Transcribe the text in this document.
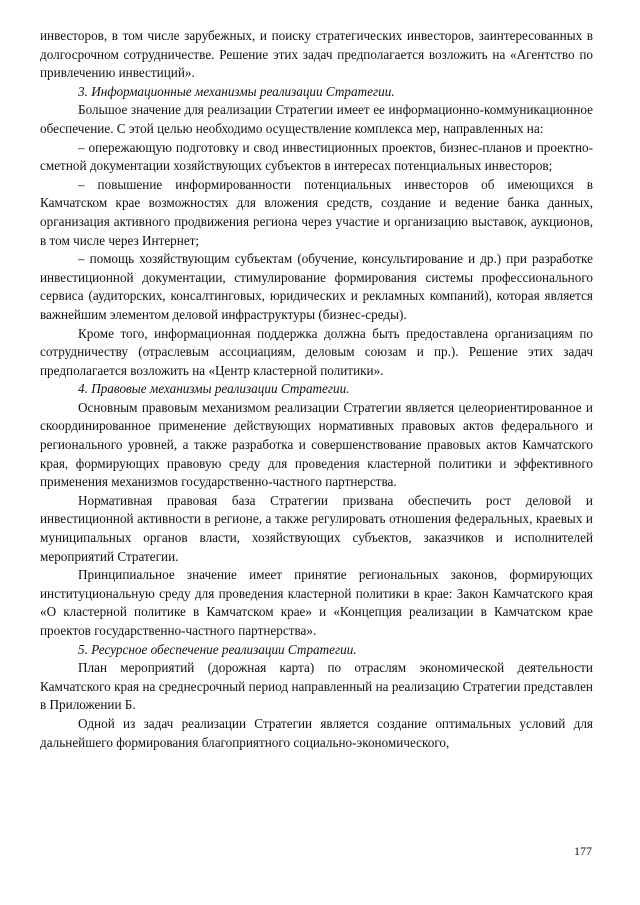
инвесторов, в том числе зарубежных, и поиску стратегических инвесторов, заинтересованных в долгосрочном сотрудничестве. Решение этих задач предполагается возложить на «Агентство по привлечению инвестиций».

3. Информационные механизмы реализации Стратегии.

Большое значение для реализации Стратегии имеет ее информационно-коммуникационное обеспечение. С этой целью необходимо осуществление комплекса мер, направленных на:

– опережающую подготовку и свод инвестиционных проектов, бизнес-планов и проектно-сметной документации хозяйствующих субъектов в интересах потенциальных инвесторов;

– повышение информированности потенциальных инвесторов об имеющихся в Камчатском крае возможностях для вложения средств, создание и ведение банка данных, организация активного продвижения региона через участие и организацию выставок, аукционов, в том числе через Интернет;

– помощь хозяйствующим субъектам (обучение, консультирование и др.) при разработке инвестиционной документации, стимулирование формирования системы профессионального сервиса (аудиторских, консалтинговых, юридических и рекламных компаний), которая является важнейшим элементом деловой инфраструктуры (бизнес-среды).

Кроме того, информационная поддержка должна быть предоставлена организациям по сотрудничеству (отраслевым ассоциациям, деловым союзам и пр.). Решение этих задач предполагается возложить на «Центр кластерной политики».

4. Правовые механизмы реализации Стратегии.

Основным правовым механизмом реализации Стратегии является целеориентированное и скоординированное применение действующих нормативных правовых актов федерального и регионального уровней, а также разработка и совершенствование правовых актов Камчатского края, формирующих правовую среду для проведения кластерной политики и эффективного применения механизмов государственно-частного партнерства.

Нормативная правовая база Стратегии призвана обеспечить рост деловой и инвестиционной активности в регионе, а также регулировать отношения федеральных, краевых и муниципальных органов власти, хозяйствующих субъектов, заказчиков и исполнителей мероприятий Стратегии.

Принципиальное значение имеет принятие региональных законов, формирующих институциональную среду для проведения кластерной политики в крае: Закон Камчатского края «О кластерной политике в Камчатском крае» и «Концепция реализации в Камчатском крае проектов государственно-частного партнерства».

5. Ресурсное обеспечение реализации Стратегии.

План мероприятий (дорожная карта) по отраслям экономической деятельности Камчатского края на среднесрочный период направленный на реализацию Стратегии представлен в Приложении Б.

Одной из задач реализации Стратегии является создание оптимальных условий для дальнейшего формирования благоприятного социально-экономического,

177
